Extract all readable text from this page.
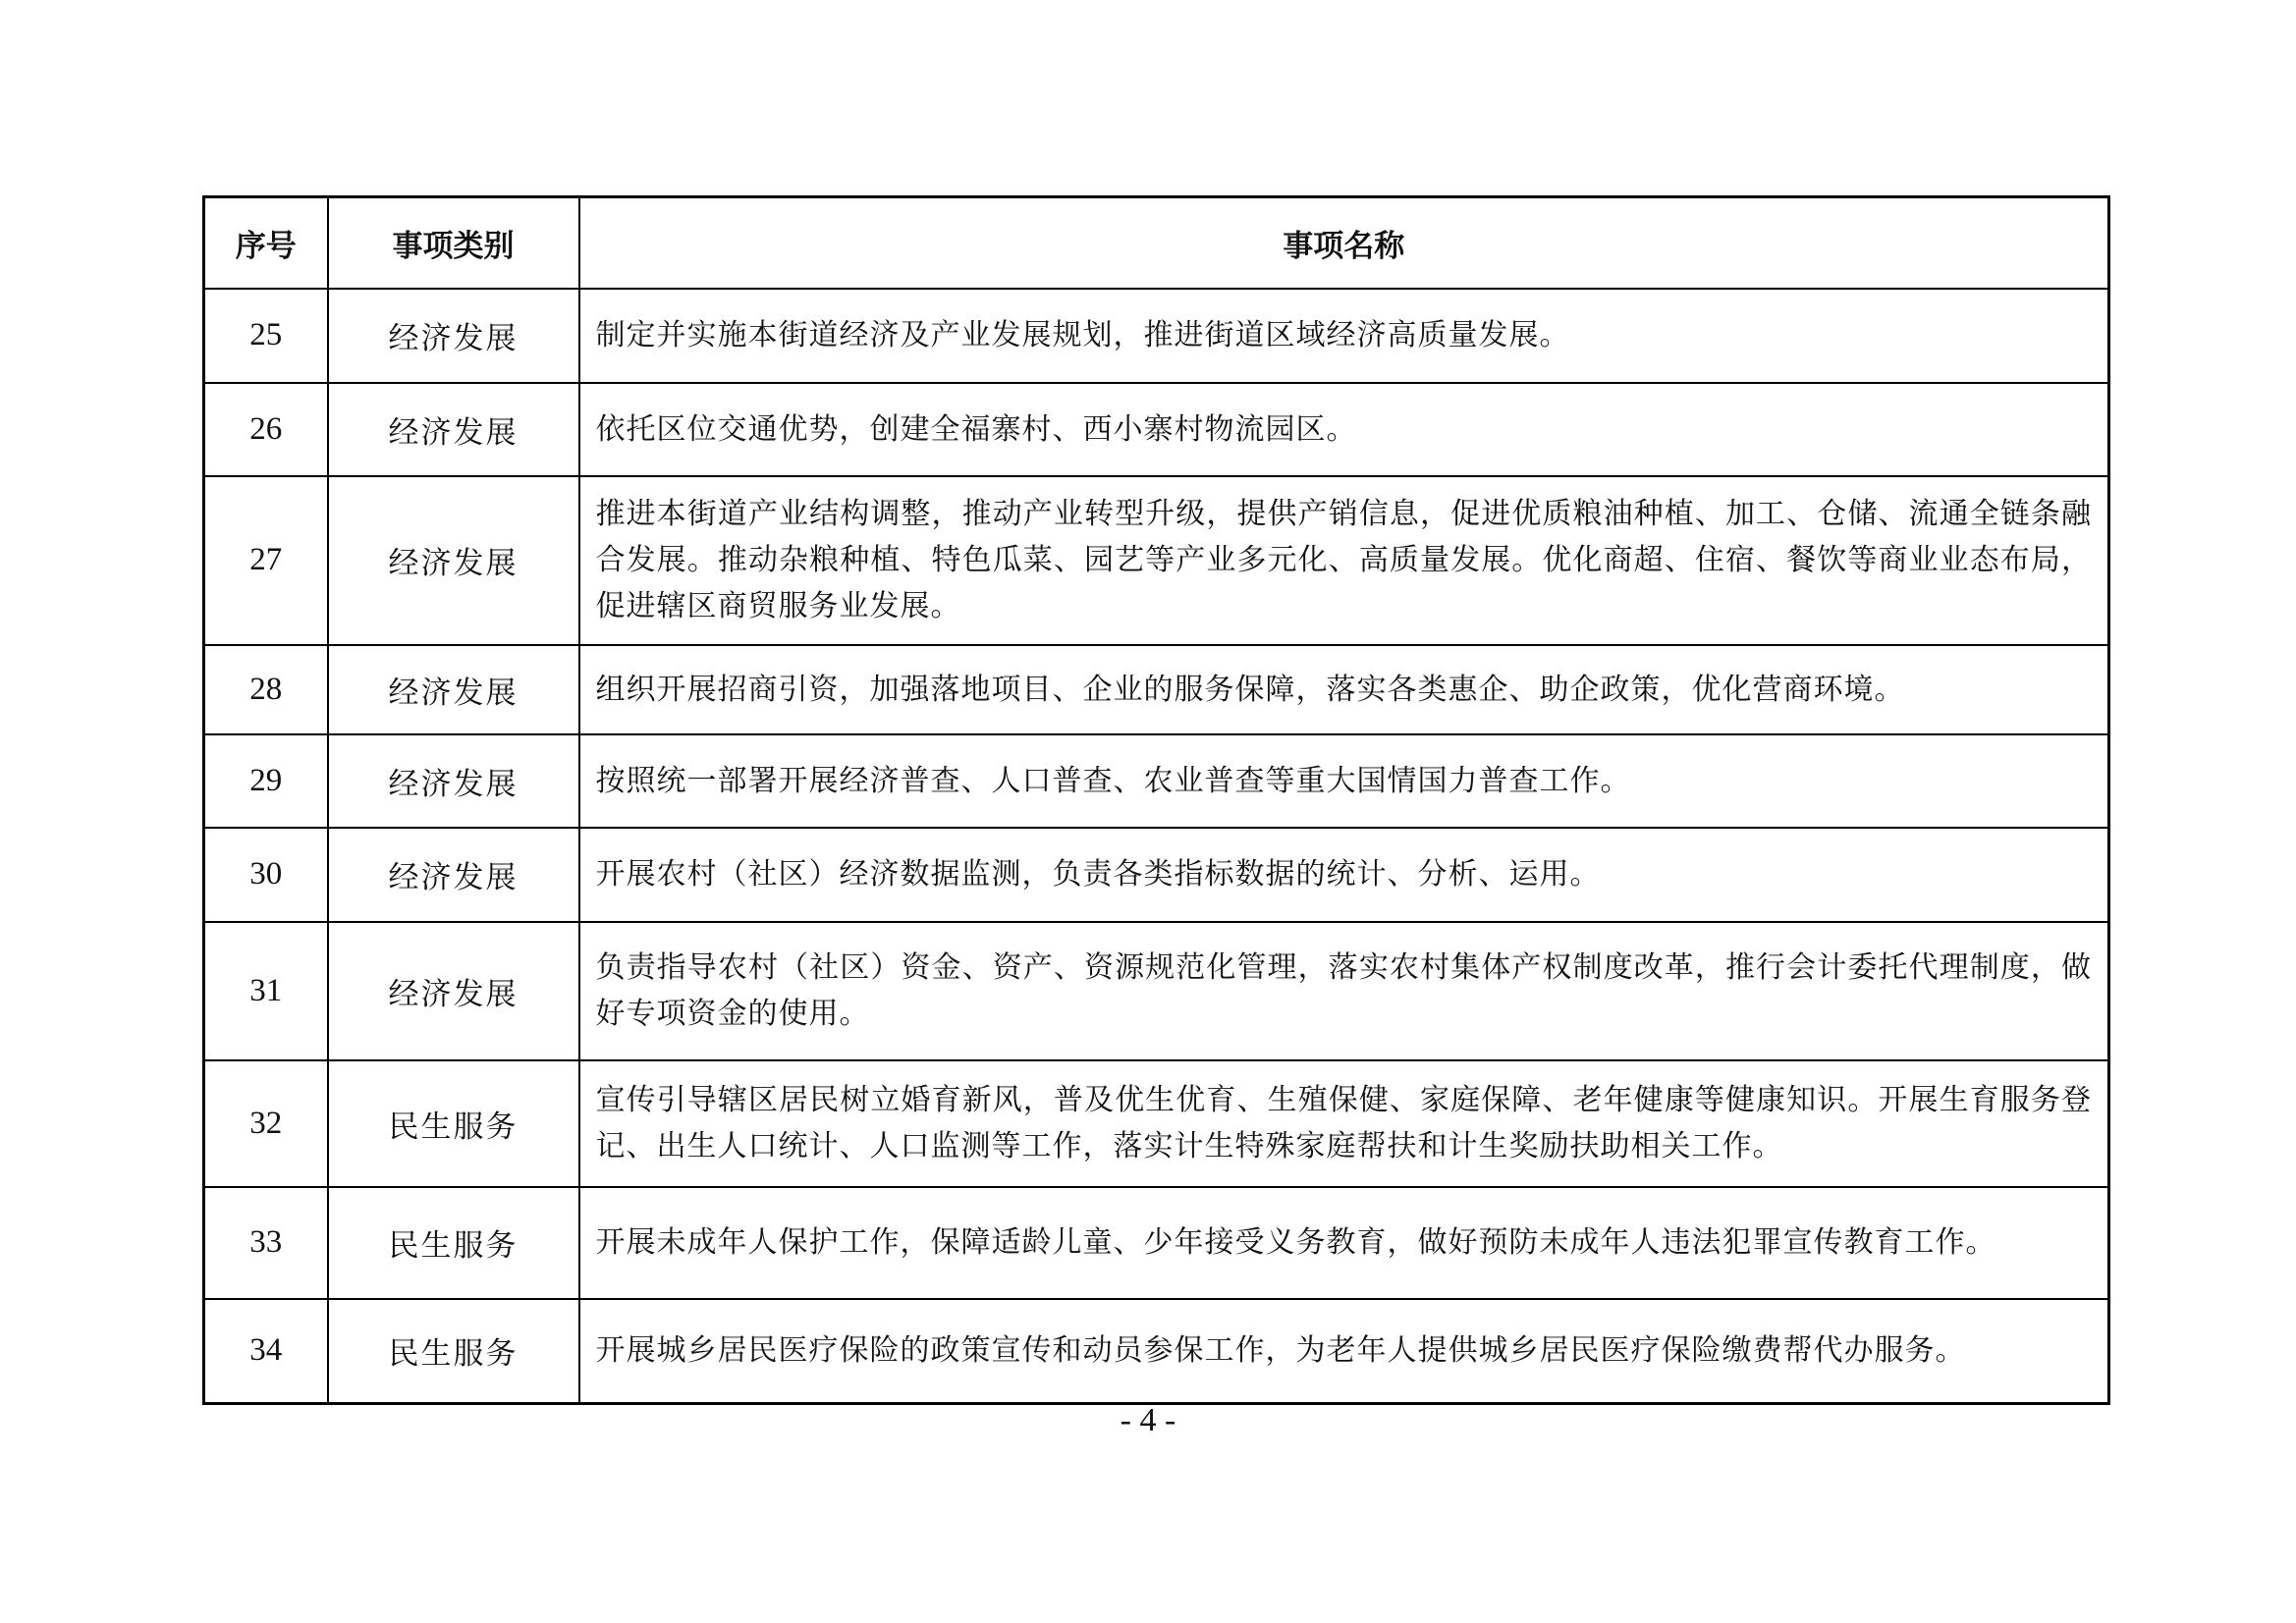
序号	事项类别	事项名称
25	经济发展	制定并实施本街道经济及产业发展规划，推进街道区域经济高质量发展。
26	经济发展	依托区位交通优势，创建全福寨村、西小寨村物流园区。
27	经济发展	推进本街道产业结构调整，推动产业转型升级，提供产销信息，促进优质粮油种植、加工、仓储、流通全链条融合发展。推动杂粮种植、特色瓜菜、园艺等产业多元化、高质量发展。优化商超、住宿、餐饮等商业业态布局，促进辖区商贸服务业发展。
28	经济发展	组织开展招商引资，加强落地项目、企业的服务保障，落实各类惠企、助企政策，优化营商环境。
29	经济发展	按照统一部署开展经济普查、人口普查、农业普查等重大国情国力普查工作。
30	经济发展	开展农村（社区）经济数据监测，负责各类指标数据的统计、分析、运用。
31	经济发展	负责指导农村（社区）资金、资产、资源规范化管理，落实农村集体产权制度改革，推行会计委托代理制度，做好专项资金的使用。
32	民生服务	宣传引导辖区居民树立婚育新风，普及优生优育、生殖保健、家庭保障、老年健康等健康知识。开展生育服务登记、出生人口统计、人口监测等工作，落实计生特殊家庭帮扶和计生奖励扶助相关工作。
33	民生服务	开展未成年人保护工作，保障适龄儿童、少年接受义务教育，做好预防未成年人违法犯罪宣传教育工作。
34	民生服务	开展城乡居民医疗保险的政策宣传和动员参保工作，为老年人提供城乡居民医疗保险缴费帮代办服务。
- 4 -
